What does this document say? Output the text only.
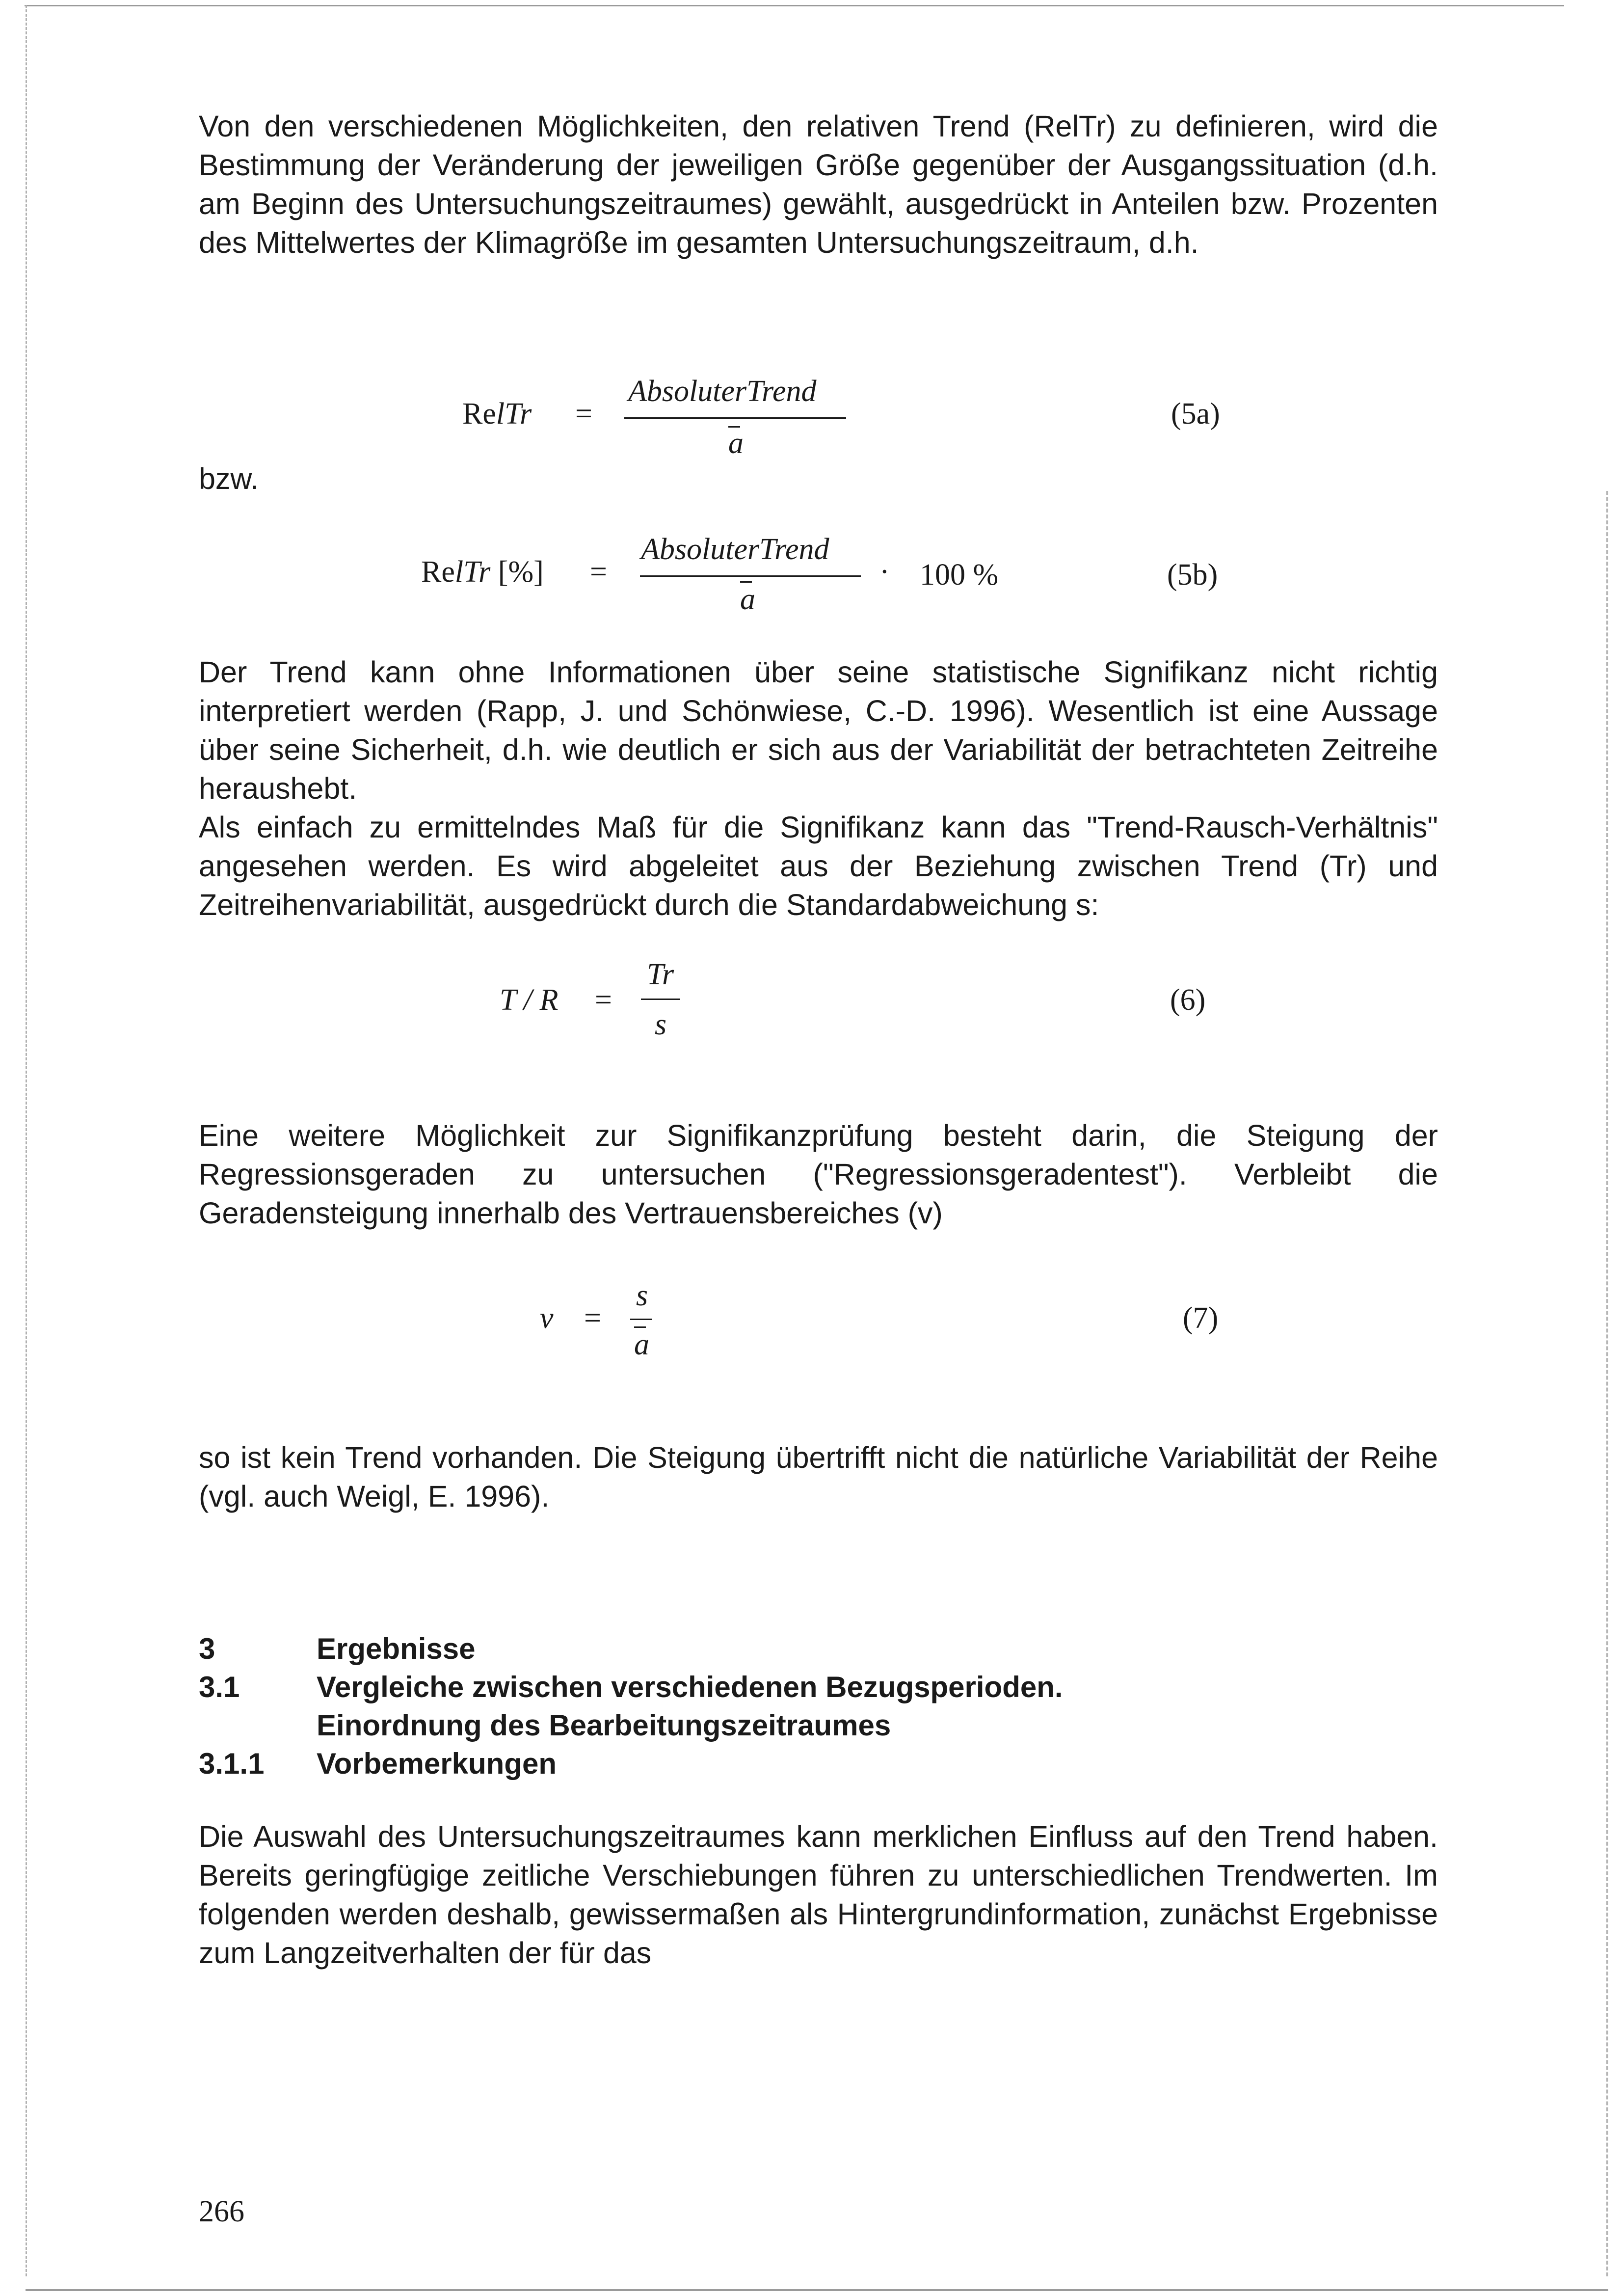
Von den verschiedenen Möglichkeiten, den relativen Trend (RelTr) zu definieren, wird die Bestimmung der Veränderung der jeweiligen Größe gegenüber der Ausgangssituation (d.h. am Beginn des Untersuchungszeitraumes) gewählt, ausgedrückt in Anteilen bzw. Prozenten des Mittelwertes der Klimagröße im gesamten Untersuchungszeitraum, d.h.

RelTr =
AbsoluterTrend
a
(5a)
bzw.
RelTr [%] =
AbsoluterTrend
a
· 100 %	(5b)

Der Trend kann ohne Informationen über seine statistische Signifikanz nicht richtig interpretiert werden (Rapp, J. und Schönwiese, C.-D. 1996). Wesentlich ist eine Aussage über seine Sicherheit, d.h. wie deutlich er sich aus der Variabilität der betrachteten Zeitreihe heraushebt.

Als einfach zu ermittelndes Maß für die Signifikanz kann das "Trend-Rausch-Verhältnis" angesehen werden. Es wird abgeleitet aus der Beziehung zwischen Trend (Tr) und Zeitreihenvariabilität, ausgedrückt durch die Standardabweichung s:

T / R =
Tr
s
(6)

Eine weitere Möglichkeit zur Signifikanzprüfung besteht darin, die Steigung der Regressionsgeraden zu untersuchen ("Regressionsgeradentest"). Verbleibt die Geradensteigung innerhalb des Vertrauensbereiches (v)

v =
s
a
(7)

so ist kein Trend vorhanden. Die Steigung übertrifft nicht die natürliche Variabilität der Reihe (vgl. auch Weigl, E. 1996).

3	Ergebnisse
3.1	Vergleiche zwischen verschiedenen Bezugsperioden.
Einordnung des Bearbeitungszeitraumes
3.1.1 Vorbemerkungen

Die Auswahl des Untersuchungszeitraumes kann merklichen Einfluss auf den Trend haben. Bereits geringfügige zeitliche Verschiebungen führen zu unterschiedlichen Trendwerten. Im folgenden werden deshalb, gewissermaßen als Hintergrundinformation, zunächst Ergebnisse zum Langzeitverhalten der für das

266
